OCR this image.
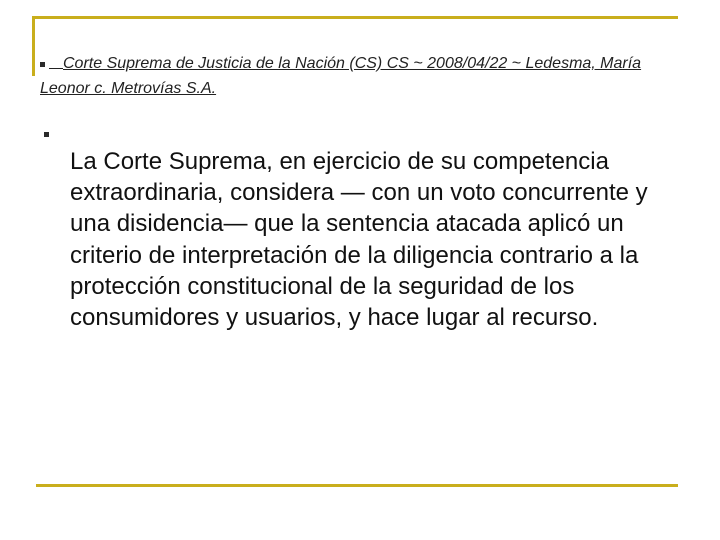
Corte Suprema de Justicia de la Nación (CS) CS ~ 2008/04/22 ~ Ledesma, María Leonor c. Metrovías S.A.
La Corte Suprema, en ejercicio de su competencia extraordinaria, considera — con un voto concurrente y una disidencia— que la sentencia atacada aplicó un criterio de interpretación de la diligencia contrario a la protección constitucional de la seguridad de los consumidores y usuarios, y hace lugar al recurso.
